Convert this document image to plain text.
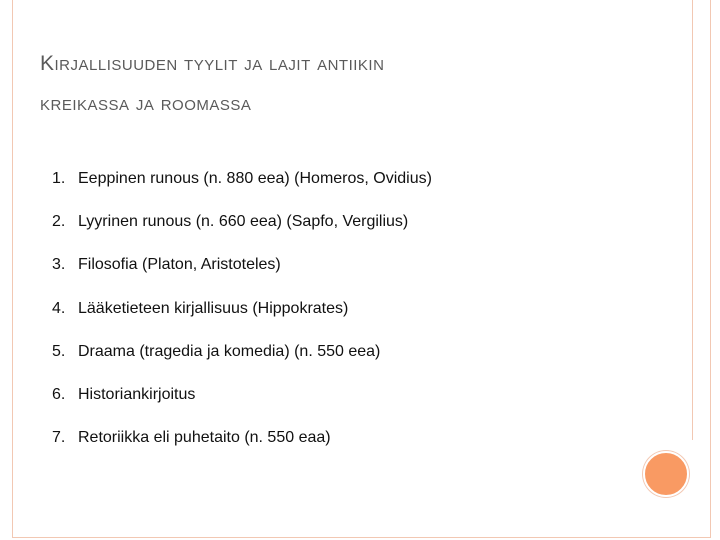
Kirjallisuuden tyylit ja lajit antiikin
kreikassa ja roomassa
1. Eeppinen runous (n. 880 eea) (Homeros, Ovidius)
2. Lyyrinen runous (n. 660 eea) (Sapfo, Vergilius)
3. Filosofia (Platon, Aristoteles)
4. Lääketieteen kirjallisuus (Hippokrates)
5. Draama (tragedia ja komedia) (n. 550 eea)
6. Historiankirjoitus
7. Retoriikka eli puhetaito (n. 550 eaa)
